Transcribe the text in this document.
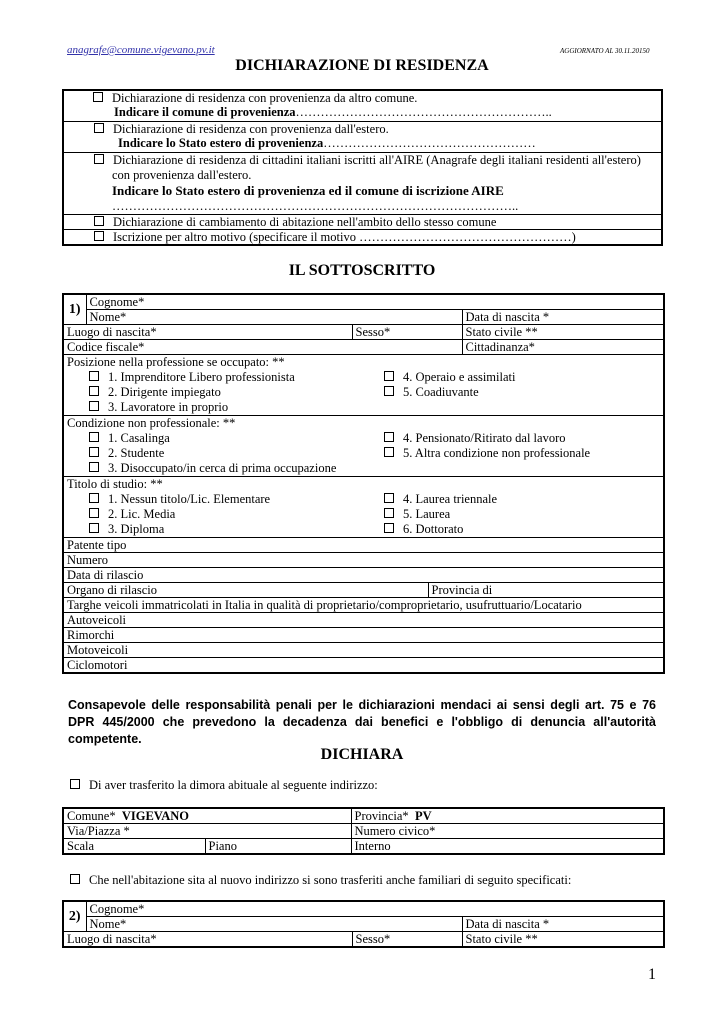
anagrafe@comune.vigevano.pv.it	AGGIORNATO AL 30.11.20150
DICHIARAZIONE DI RESIDENZA
Dichiarazione di residenza con provenienza da altro comune.
Indicare il comune di provenienza……………………………………………………..
Dichiarazione di residenza con provenienza dall'estero.
Indicare lo Stato estero di provenienza……………………………………………
Dichiarazione di residenza di cittadini italiani iscritti all'AIRE (Anagrafe degli italiani residenti all'estero)
con provenienza dall'estero.
Indicare lo Stato estero di provenienza ed il comune di iscrizione AIRE
……………………………………………………………………………………..
Dichiarazione di cambiamento di abitazione nell'ambito dello stesso comune
Iscrizione per altro motivo (specificare il motivo ……………………………………………)
IL SOTTOSCRITTO
1)	Cognome*			
	Nome*			Data di nascita *
Luogo di nascita*		Sesso*		Stato civile **
Codice fiscale*				Cittadinanza*
Posizione nella professione se occupato: **
1. Imprenditore Libero professionista 4. Operaio e assimilati
2. Dirigente impiegato 5. Coadiuvante
3. Lavoratore in proprio				
Condizione non professionale: **
1. Casalinga 4. Pensionato/Ritirato dal lavoro
2. Studente 5. Altra condizione non professionale
3. Disoccupato/in cerca di prima occupazione				
Titolo di studio: **
1. Nessun titolo/Lic. Elementare 4. Laurea triennale
2. Lic. Media 5. Laurea
3. Diploma 6. Dottorato				
Patente tipo				
Numero				
Data di rilascio				
Organo di rilascio			Provincia di	
Targhe veicoli immatricolati in Italia in qualità di proprietario/comproprietario, usufruttuario/Locatario				
Autoveicoli				
Rimorchi				
Motoveicoli				
Ciclomotori				
Consapevole delle responsabilità penali per le dichiarazioni mendaci ai sensi degli art. 75 e 76 DPR 445/2000 che prevedono la decadenza dai benefici e l'obbligo di denuncia all'autorità competente.
DICHIARA
Di aver trasferito la dimora abituale al seguente indirizzo:
Comune* VIGEVANO		Provincia* PV
Via/Piazza *		Numero civico*
Scala	Piano	Interno
Che nell'abitazione sita al nuovo indirizzo si sono trasferiti anche familiari di seguito specificati:
2)	Cognome*		
	Nome*		Data di nascita *
Luogo di nascita*		Sesso*	Stato civile **
1
